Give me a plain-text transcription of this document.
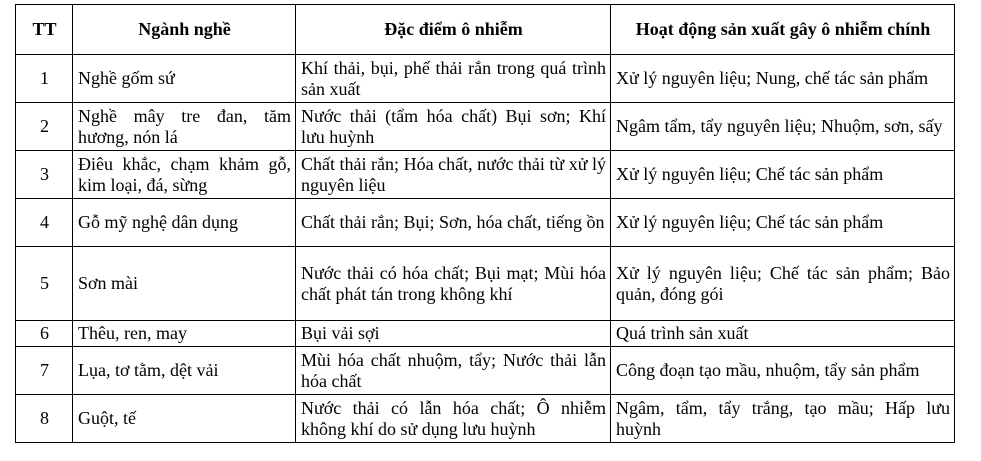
TT	Ngành nghề	Đặc điểm ô nhiễm	Hoạt động sản xuất gây ô nhiễm chính
1	Nghề gốm sứ	Khí thải, bụi, phế thải rắn trong quá trình sản xuất	Xử lý nguyên liệu; Nung, chế tác sản phẩm
2	Nghề mây tre đan, tăm hương, nón lá	Nước thải (tẩm hóa chất) Bụi sơn; Khí lưu huỳnh	Ngâm tẩm, tẩy nguyên liệu; Nhuộm, sơn, sấy
3	Điêu khắc, chạm khảm gỗ, kim loại, đá, sừng	Chất thải rắn; Hóa chất, nước thải từ xử lý nguyên liệu	Xử lý nguyên liệu; Chế tác sản phẩm
4	Gỗ mỹ nghệ dân dụng	Chất thải rắn; Bụi; Sơn, hóa chất, tiếng ồn	Xử lý nguyên liệu; Chế tác sản phẩm
5	Sơn mài	Nước thải có hóa chất; Bụi mạt; Mùi hóa chất phát tán trong không khí	Xử lý nguyên liệu; Chế tác sản phẩm; Bảo quản, đóng gói
6	Thêu, ren, may	Bụi vải sợi	Quá trình sản xuất
7	Lụa, tơ tằm, dệt vải	Mùi hóa chất nhuộm, tẩy; Nước thải lẫn hóa chất	Công đoạn tạo mầu, nhuộm, tẩy sản phẩm
8	Guột, tế	Nước thải có lẫn hóa chất; Ô nhiễm không khí do sử dụng lưu huỳnh	Ngâm, tẩm, tẩy trắng, tạo mầu; Hấp lưu huỳnh
